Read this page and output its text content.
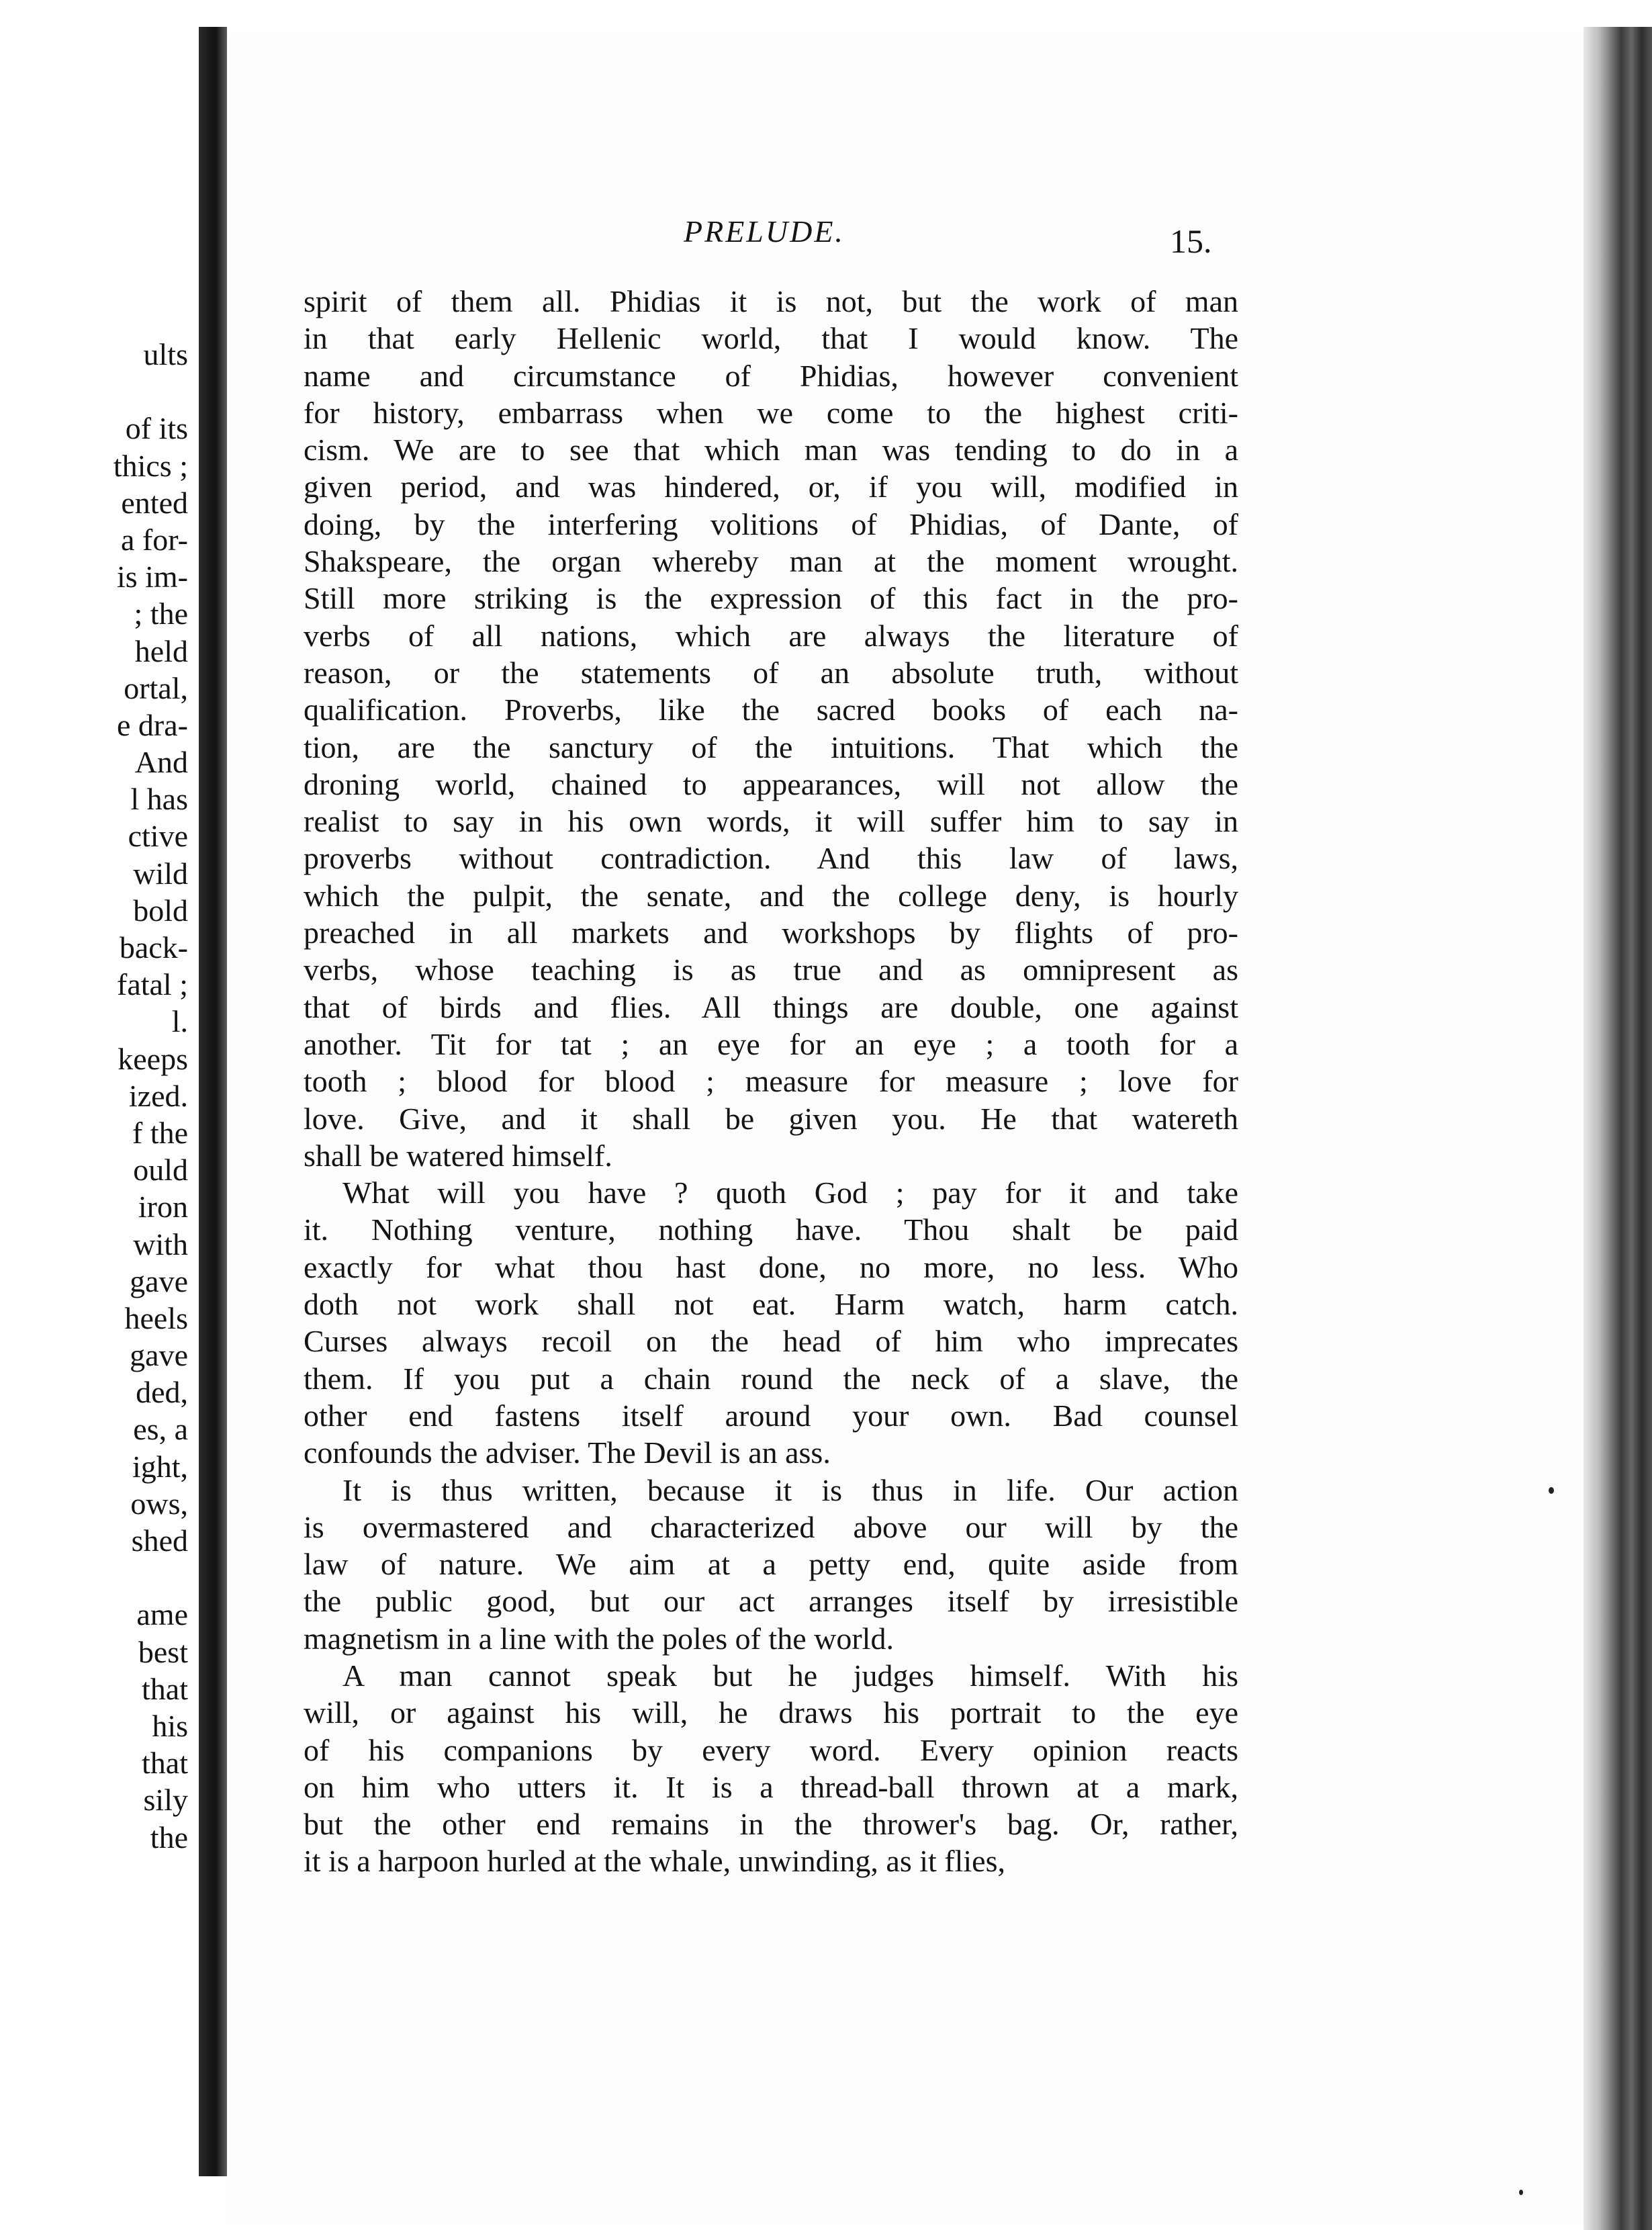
ults
of its
thics ;
ented
a for-
is im-
; the
held
ortal,
e dra-
And
l has
ctive
wild
bold
back-
fatal ;
l.
keeps
ized.
f the
ould
iron
with
gave
heels
gave
ded,
es, a
ight,
ows,
shed
ame
best
that
his
that
sily
the
PRELUDE.	15.
spirit of them all. Phidias it is not, but the work of man
in that early Hellenic world, that I would know. The
name and circumstance of Phidias, however convenient
for history, embarrass when we come to the highest criti-
cism. We are to see that which man was tending to do in a
given period, and was hindered, or, if you will, modified in
doing, by the interfering volitions of Phidias, of Dante, of
Shakspeare, the organ whereby man at the moment wrought.
Still more striking is the expression of this fact in the pro-
verbs of all nations, which are always the literature of
reason, or the statements of an absolute truth, without
qualification. Proverbs, like the sacred books of each na-
tion, are the sanctury of the intuitions. That which the
droning world, chained to appearances, will not allow the
realist to say in his own words, it will suffer him to say in
proverbs without contradiction. And this law of laws,
which the pulpit, the senate, and the college deny, is hourly
preached in all markets and workshops by flights of pro-
verbs, whose teaching is as true and as omnipresent as
that of birds and flies. All things are double, one against
another. Tit for tat ; an eye for an eye ; a tooth for a
tooth ; blood for blood ; measure for measure ; love for
love. Give, and it shall be given you. He that watereth
shall be watered himself.
What will you have ? quoth God ; pay for it and take
it. Nothing venture, nothing have. Thou shalt be paid
exactly for what thou hast done, no more, no less. Who
doth not work shall not eat. Harm watch, harm catch.
Curses always recoil on the head of him who imprecates
them. If you put a chain round the neck of a slave, the
other end fastens itself around your own. Bad counsel
confounds the adviser. The Devil is an ass.
It is thus written, because it is thus in life. Our action
is overmastered and characterized above our will by the
law of nature. We aim at a petty end, quite aside from
the public good, but our act arranges itself by irresistible
magnetism in a line with the poles of the world.
A man cannot speak but he judges himself. With his
will, or against his will, he draws his portrait to the eye
of his companions by every word. Every opinion reacts
on him who utters it. It is a thread-ball thrown at a mark,
but the other end remains in the thrower's bag. Or, rather,
it is a harpoon hurled at the whale, unwinding, as it flies,
